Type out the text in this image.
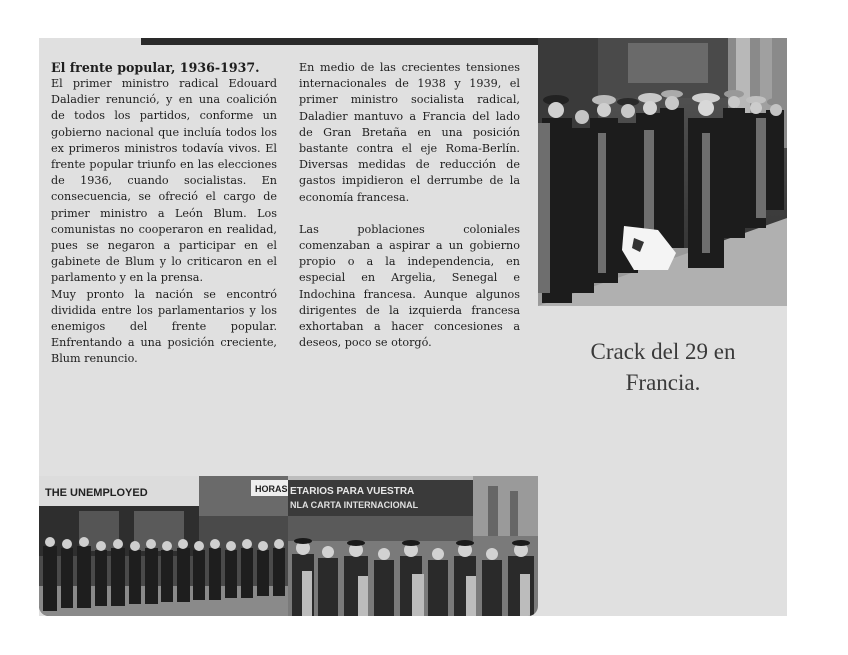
El frente popular, 1936-1937.

El primer ministro radical Edouard Daladier renunció, y en una coalición de todos los partidos, conforme un gobierno nacional que incluía todos los ex primeros ministros todavía vivos. El frente popular triunfo en las elecciones de 1936, cuando socialistas. En consecuencia, se ofreció el cargo de primer ministro a León Blum. Los comunistas no cooperaron en realidad, pues se negaron a participar en el gabinete de Blum y lo criticaron en el parlamento y en la prensa.

Muy pronto la nación se encontró dividida entre los parlamentarios y los enemigos del frente popular. Enfrentando a una posición creciente, Blum renuncio.

En medio de las crecientes tensiones internacionales de 1938 y 1939, el primer ministro socialista radical, Daladier mantuvo a Francia del lado de Gran Bretaña en una posición bastante contra el eje Roma-Berlín. Diversas medidas de reducción de gastos impidieron el derrumbe de la economía francesa.

Las poblaciones coloniales comenzaban a aspirar a un gobierno propio o a la independencia, en especial en Argelia, Senegal e Indochina francesa. Aunque algunos dirigentes de la izquierda francesa exhortaban a hacer concesiones a deseos, poco se otorgó.

THE UNEMPLOYED	HORAS ETARIOS PARA VUESTRA
NLA CARTA INTERNACIONAL
Crack del 29 en Francia.
